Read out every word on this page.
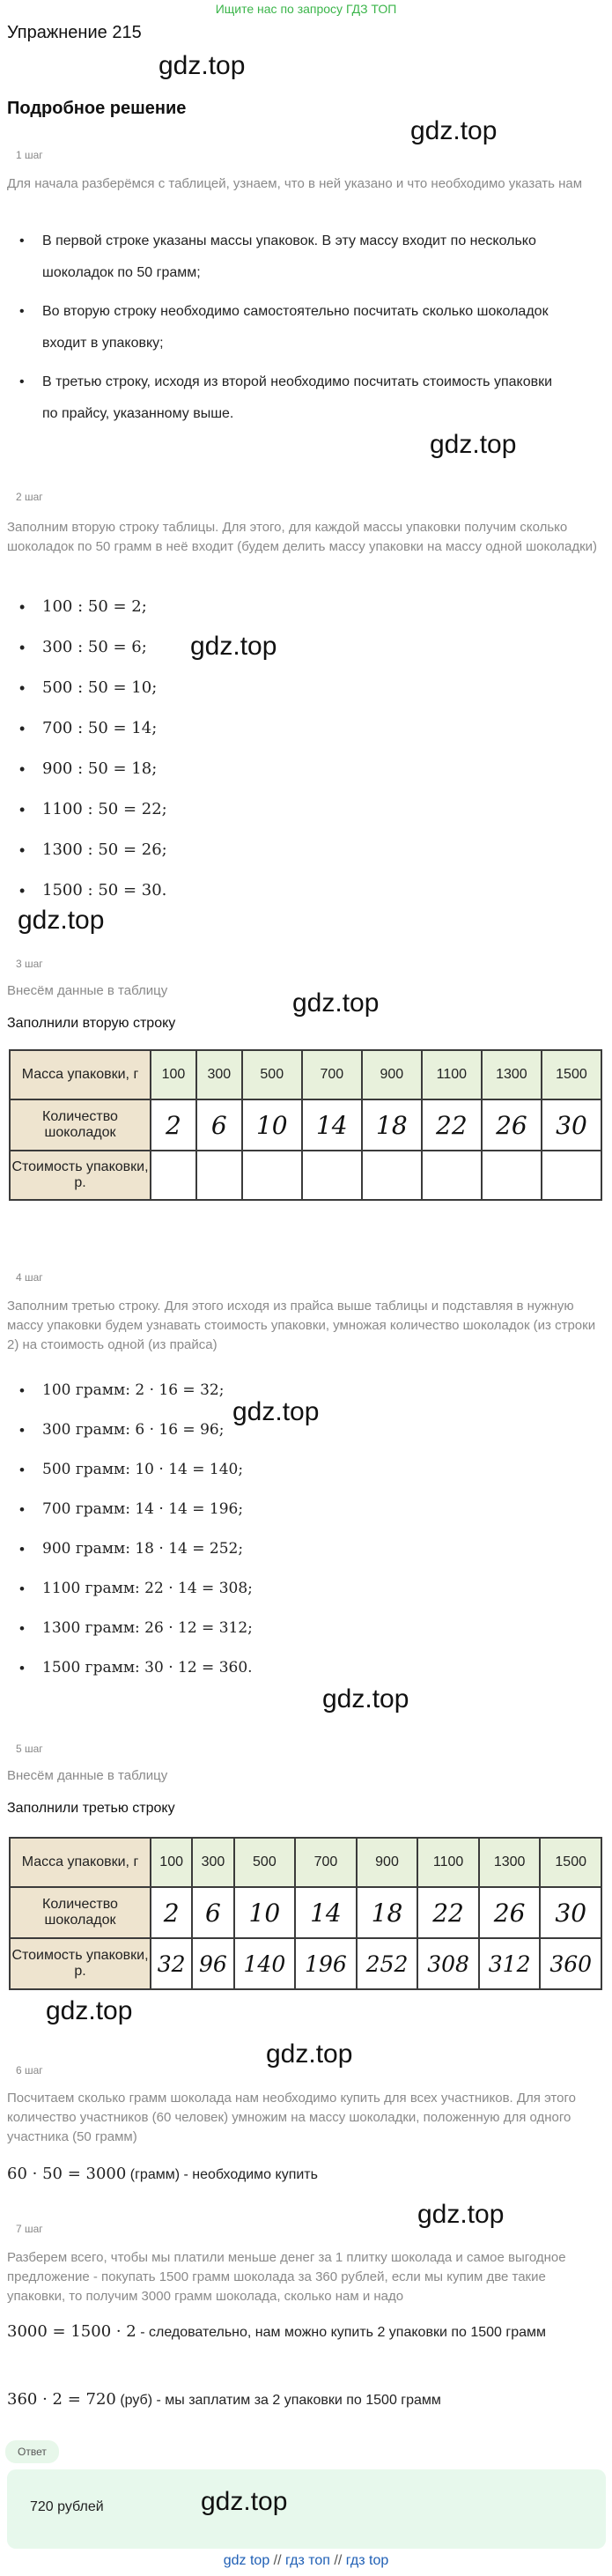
Ищите нас по запросу ГДЗ ТОП
Упражнение 215
gdz.top
Подробное решение
gdz.top
1 шаг
Для начала разберёмся с таблицей, узнаем, что в ней указано и что необходимо указать нам
• В первой строке указаны массы упаковок. В эту массу входит по несколько шоколадок по 50 грамм;
• Во вторую строку необходимо самостоятельно посчитать сколько шоколадок входит в упаковку;
• В третью строку, исходя из второй необходимо посчитать стоимость упаковки по прайсу, указанному выше.
gdz.top
2 шаг
Заполним вторую строку таблицы. Для этого, для каждой массы упаковки получим сколько шоколадок по 50 грамм в неё входит (будем делить массу упаковки на массу одной шоколадки)
• 100 : 50 = 2;
• 300 : 50 = 6;
• 500 : 50 = 10;
• 700 : 50 = 14;
• 900 : 50 = 18;
• 1100 : 50 = 22;
• 1300 : 50 = 26;
• 1500 : 50 = 30.
gdz.top
gdz.top
3 шаг
Внесём данные в таблицу	gdz.top
Заполнили вторую строку
Масса упаковки, г	100	300	500	700	900	1100	1300	1500
Количество шоколадок	2	6	10	14	18	22	26	30
Стоимость упаковки, р.								
4 шаг
Заполним третью строку. Для этого исходя из прайса выше таблицы и подставляя в нужную массу упаковки будем узнавать стоимость упаковки, умножая количество шоколадок (из строки 2) на стоимость одной (из прайса)
• 100 грамм: 2 · 16 = 32;
• 300 грамм: 6 · 16 = 96;
• 500 грамм: 10 · 14 = 140;
• 700 грамм: 14 · 14 = 196;
• 900 грамм: 18 · 14 = 252;
• 1100 грамм: 22 · 14 = 308;
• 1300 грамм: 26 · 12 = 312;
• 1500 грамм: 30 · 12 = 360.
gdz.top
gdz.top
5 шаг
Внесём данные в таблицу
Заполнили третью строку
Масса упаковки, г	100	300	500	700	900	1100	1300	1500
Количество шоколадок	2	6	10	14	18	22	26	30
Стоимость упаковки, р.	32	96	140	196	252	308	312	360
gdz.top
gdz.top
6 шаг
Посчитаем сколько грамм шоколада нам необходимо купить для всех участников. Для этого количество участников (60 человек) умножим на массу шоколадки, положенную для одного участника (50 грамм)
60 · 50 = 3000 (грамм) - необходимо купить
gdz.top
7 шаг
Разберем всего, чтобы мы платили меньше денег за 1 плитку шоколада и самое выгодное предложение - покупать 1500 грамм шоколада за 360 рублей, если мы купим две такие упаковки, то получим 3000 грамм шоколада, сколько нам и надо
3000 = 1500 · 2 - следовательно, нам можно купить 2 упаковки по 1500 грамм
360 · 2 = 720 (руб) - мы заплатим за 2 упаковки по 1500 грамм
Ответ
720 рублей	gdz.top
gdz top // гдз топ // гдз top
